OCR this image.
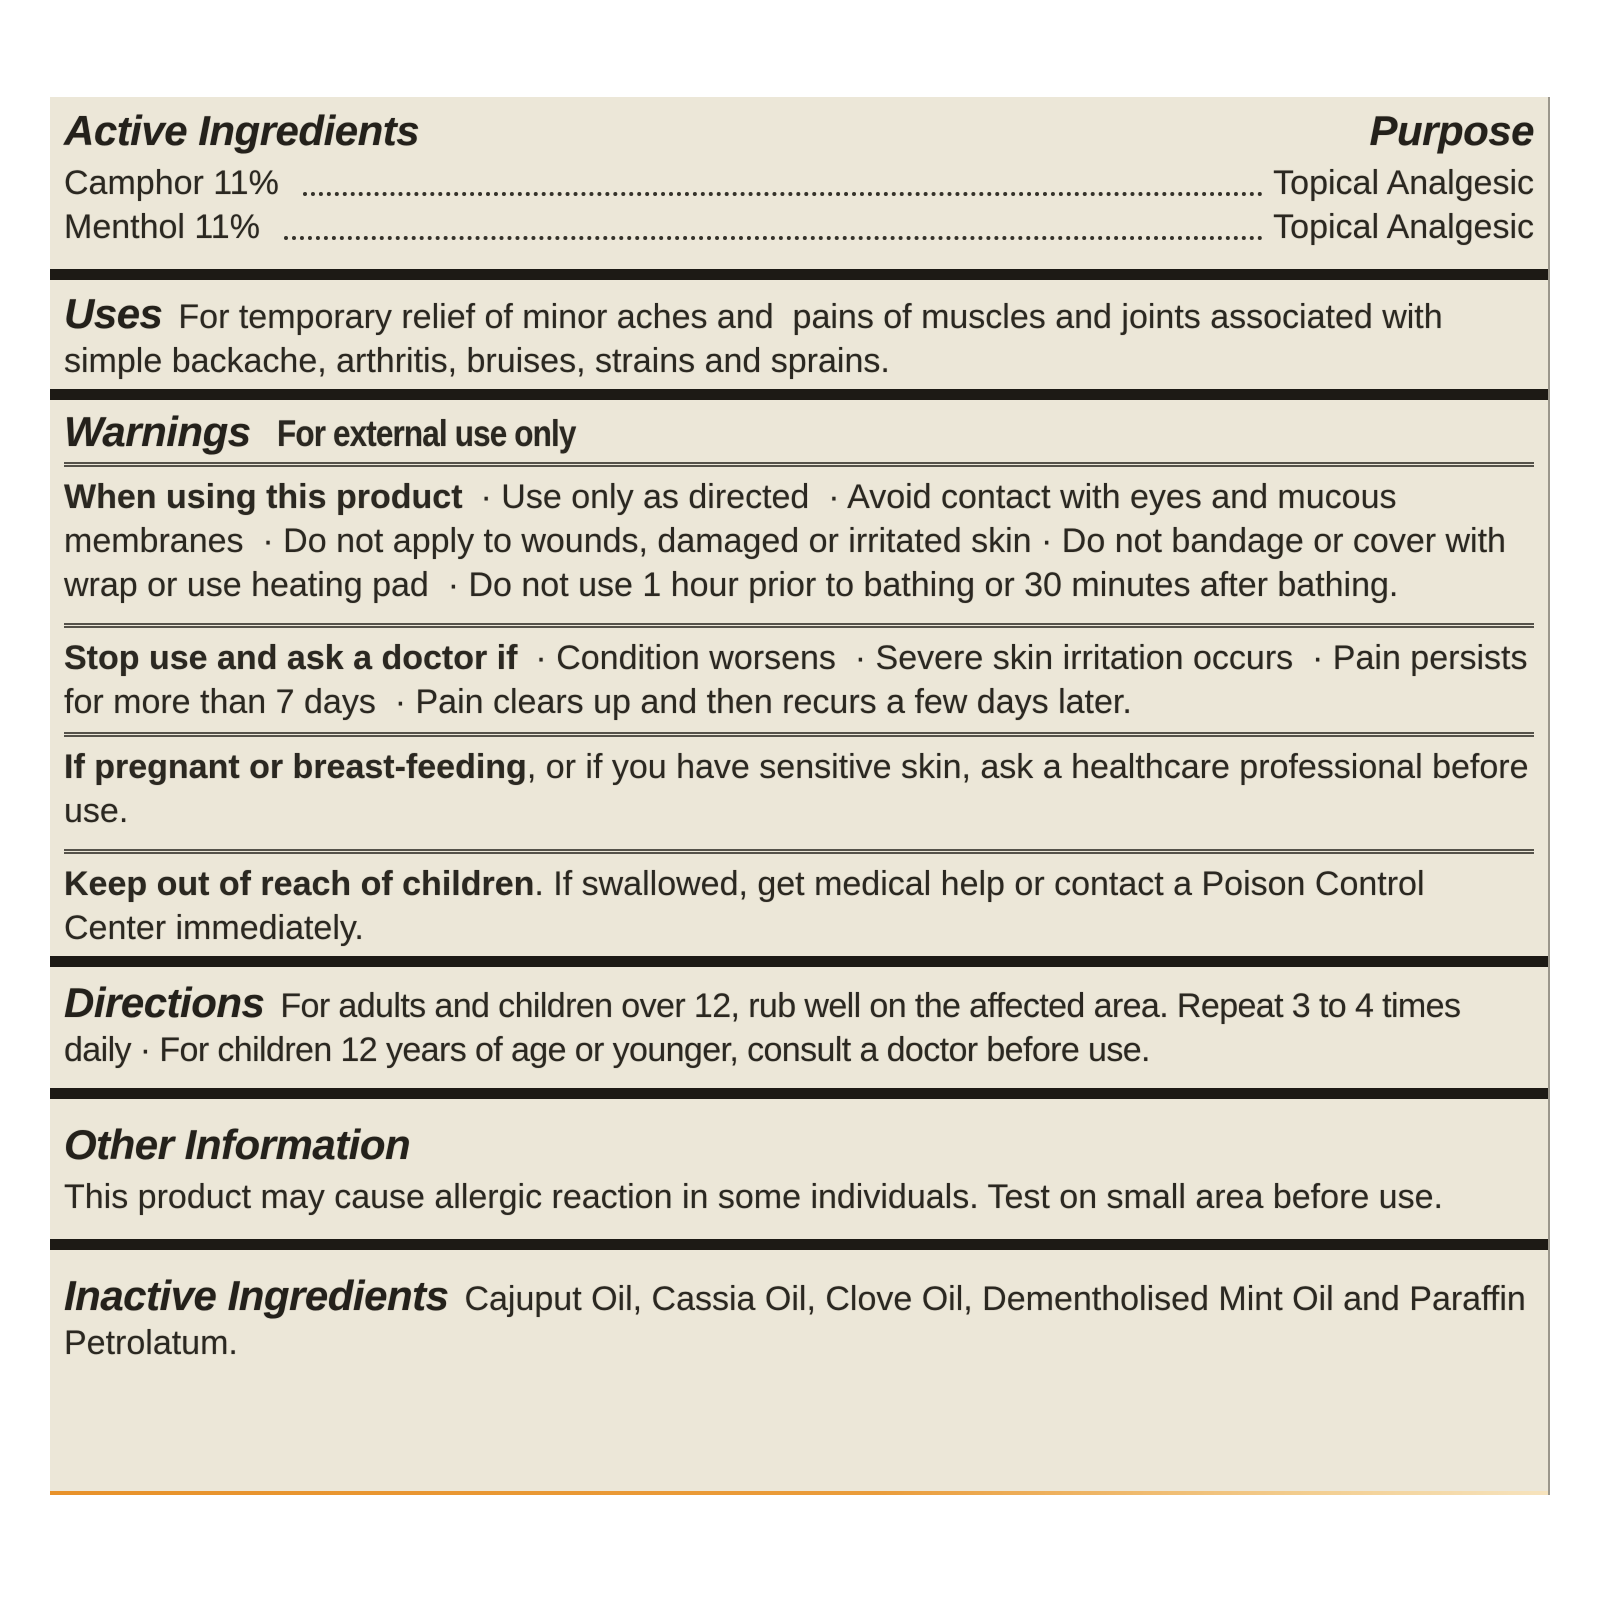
Active Ingredients	Purpose
Camphor 11%	Topical Analgesic
Menthol 11%	Topical Analgesic

Uses For temporary relief of minor aches and  pains of muscles and joints associated with simple backache, arthritis, bruises, strains and sprains.

Warnings For external use only

When using this product · Use only as directed  · Avoid contact with eyes and mucous membranes  · Do not apply to wounds, damaged or irritated skin · Do not bandage or cover with wrap or use heating pad  · Do not use 1 hour prior to bathing or 30 minutes after bathing.

Stop use and ask a doctor if · Condition worsens  · Severe skin irritation occurs  · Pain persists for more than 7 days  · Pain clears up and then recurs a few days later.

If pregnant or breast-feeding, or if you have sensitive skin, ask a healthcare professional before use.

Keep out of reach of children. If swallowed, get medical help or contact a Poison Control Center immediately.

Directions For adults and children over 12, rub well on the affected area. Repeat 3 to 4 times daily · For children 12 years of age or younger, consult a doctor before use.

Other Information

This product may cause allergic reaction in some individuals. Test on small area before use.

Inactive Ingredients Cajuput Oil, Cassia Oil, Clove Oil, Dementholised Mint Oil and Paraffin Petrolatum.
